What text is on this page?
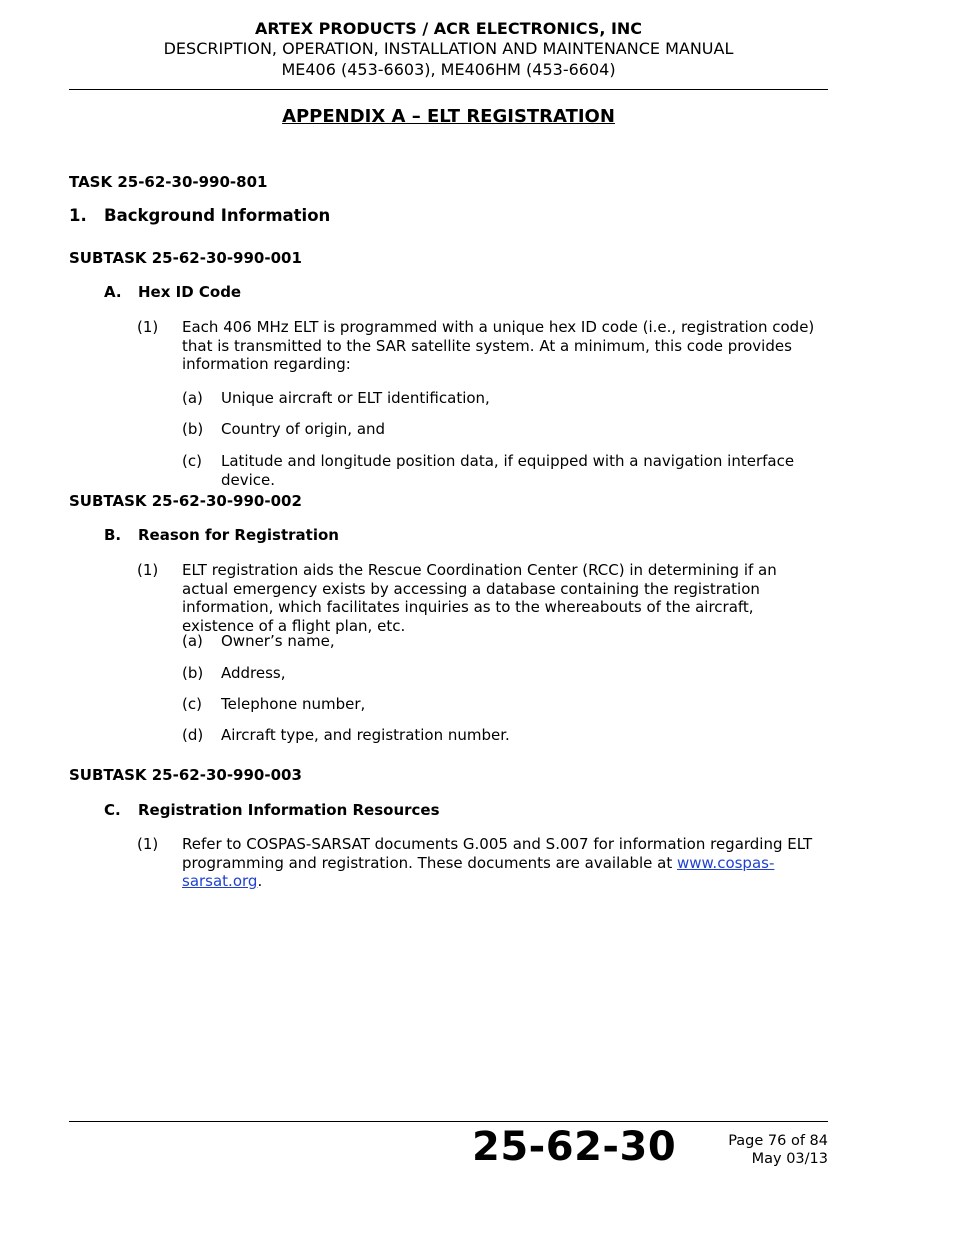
ARTEX PRODUCTS / ACR ELECTRONICS, INC
DESCRIPTION, OPERATION, INSTALLATION AND MAINTENANCE MANUAL
ME406 (453-6603), ME406HM (453-6604)
APPENDIX A – ELT REGISTRATION
TASK 25-62-30-990-801
1. Background Information
SUBTASK 25-62-30-990-001
A. Hex ID Code
(1) Each 406 MHz ELT is programmed with a unique hex ID code (i.e., registration code) that is transmitted to the SAR satellite system. At a minimum, this code provides information regarding:
(a) Unique aircraft or ELT identification,
(b) Country of origin, and
(c) Latitude and longitude position data, if equipped with a navigation interface device.
SUBTASK 25-62-30-990-002
B. Reason for Registration
(1) ELT registration aids the Rescue Coordination Center (RCC) in determining if an actual emergency exists by accessing a database containing the registration information, which facilitates inquiries as to the whereabouts of the aircraft, existence of a flight plan, etc.
(a) Owner’s name,
(b) Address,
(c) Telephone number,
(d) Aircraft type, and registration number.
SUBTASK 25-62-30-990-003
C. Registration Information Resources
(1) Refer to COSPAS-SARSAT documents G.005 and S.007 for information regarding ELT programming and registration. These documents are available at www.cospas-sarsat.org.
25-62-30	Page 76 of 84
May 03/13
